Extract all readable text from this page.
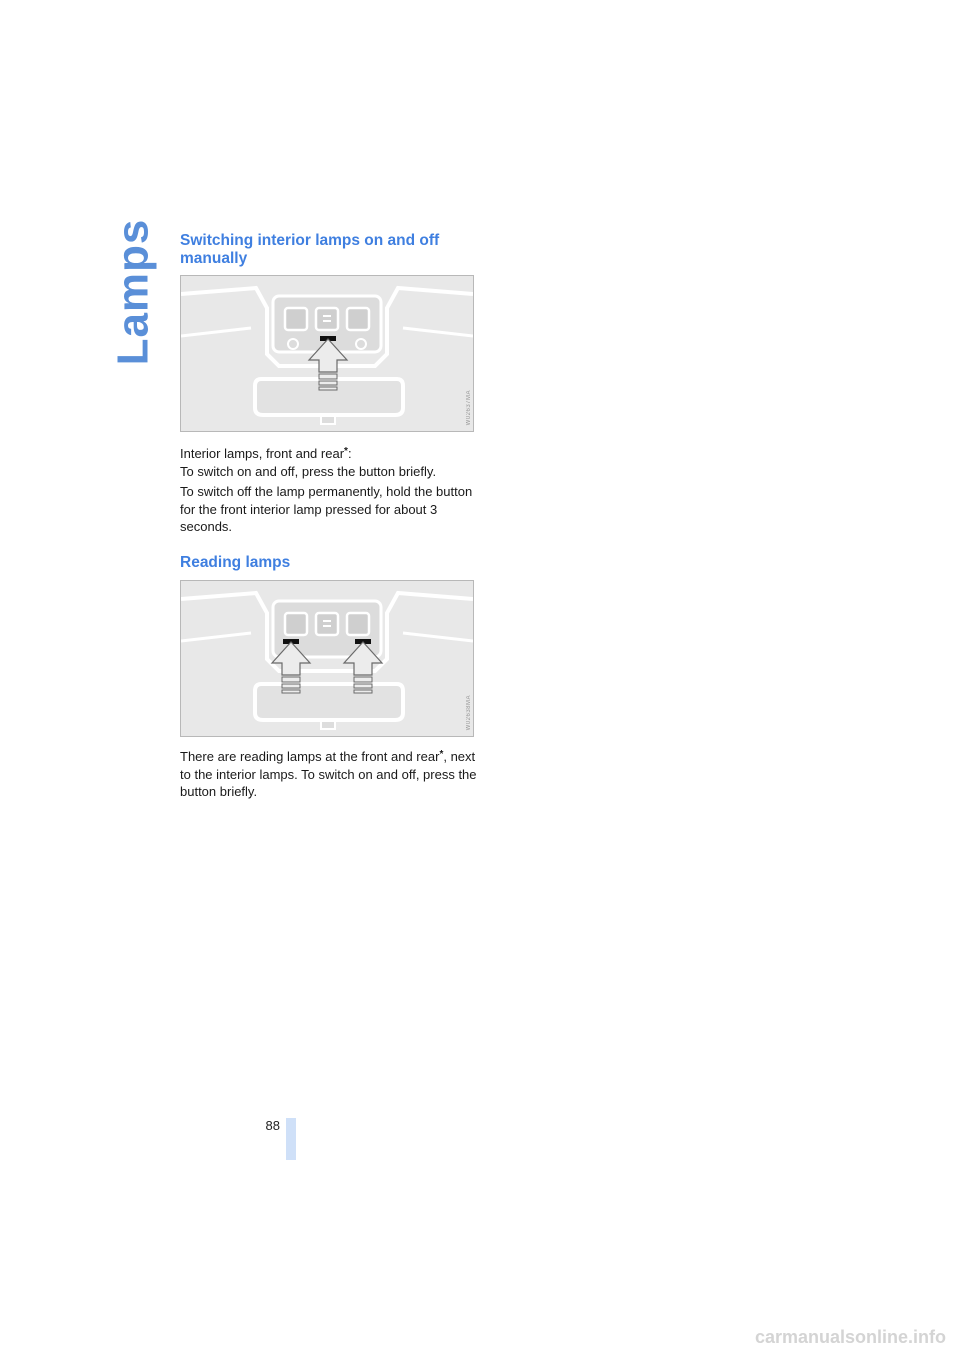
Lamps Switching interior lamps on and off manually
W02637MA

Interior lamps, front and rear*:
To switch on and off, press the button briefly.

To switch off the lamp permanently, hold the button for the front interior lamp pressed for about 3 seconds.

Reading lamps
W02638MA

There are reading lamps at the front and rear*, next to the interior lamps. To switch on and off, press the button briefly.

88
carmanualsonline.info
